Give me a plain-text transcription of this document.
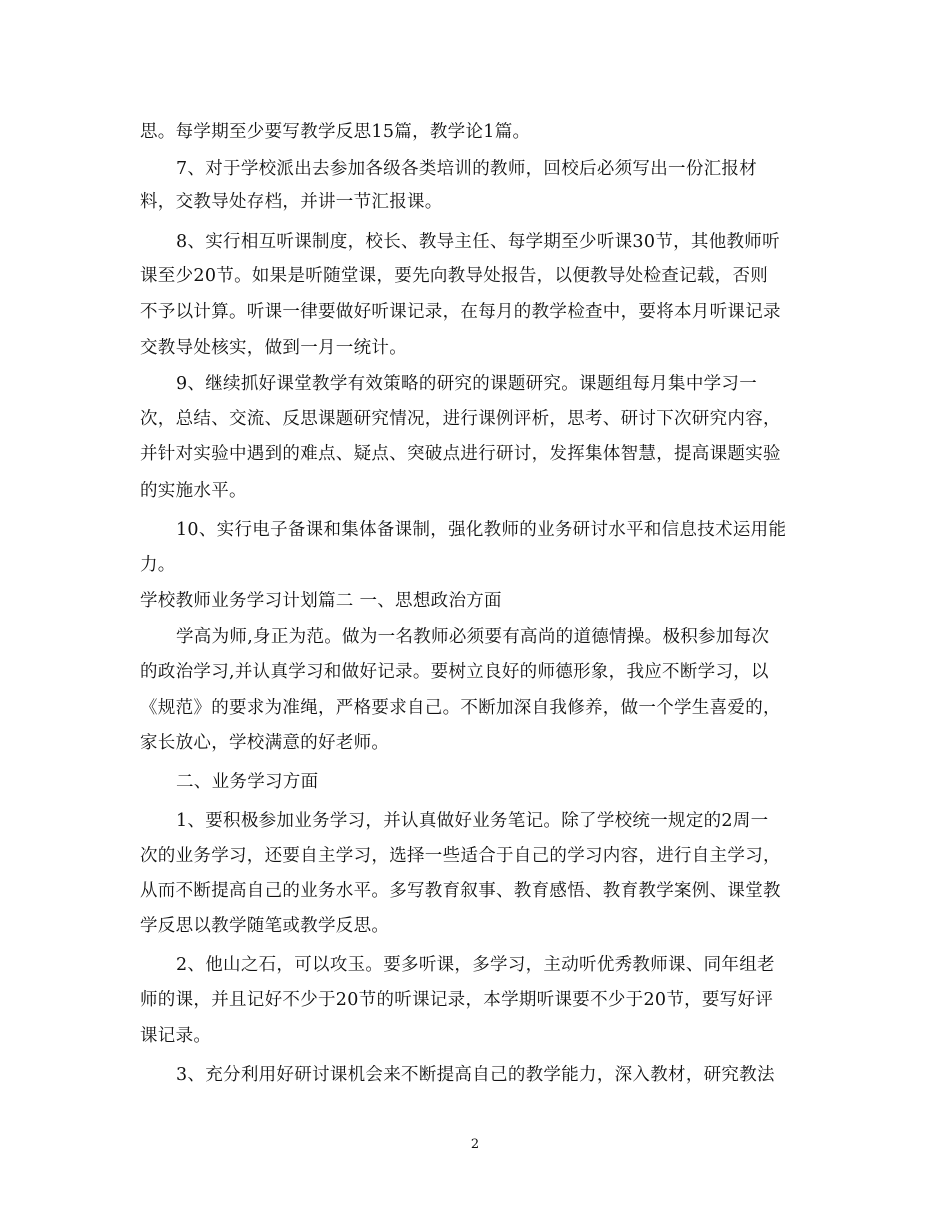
思。每学期至少要写教学反思15篇，教学论1篇。
7、对于学校派出去参加各级各类培训的教师，回校后必须写出一份汇报材
料，交教导处存档，并讲一节汇报课。
8、实行相互听课制度，校长、教导主任、每学期至少听课30节，其他教师听
课至少20节。如果是听随堂课，要先向教导处报告，以便教导处检查记载，否则
不予以计算。听课一律要做好听课记录，在每月的教学检查中，要将本月听课记录
交教导处核实，做到一月一统计。
9、继续抓好课堂教学有效策略的研究的课题研究。课题组每月集中学习一
次，总结、交流、反思课题研究情况，进行课例评析，思考、研讨下次研究内容，
并针对实验中遇到的难点、疑点、突破点进行研讨，发挥集体智慧，提高课题实验
的实施水平。
10、实行电子备课和集体备课制，强化教师的业务研讨水平和信息技术运用能
力。
学校教师业务学习计划篇二 一、思想政治方面
学高为师,身正为范。做为一名教师必须要有高尚的道德情操。极积参加每次
的政治学习,并认真学习和做好记录。要树立良好的师德形象，我应不断学习，以
《规范》的要求为准绳，严格要求自己。不断加深自我修养，做一个学生喜爱的，
家长放心，学校满意的好老师。
二、业务学习方面
1、要积极参加业务学习，并认真做好业务笔记。除了学校统一规定的2周一
次的业务学习，还要自主学习，选择一些适合于自己的学习内容，进行自主学习，
从而不断提高自己的业务水平。多写教育叙事、教育感悟、教育教学案例、课堂教
学反思以教学随笔或教学反思。
2、他山之石，可以攻玉。要多听课，多学习，主动听优秀教师课、同年组老
师的课，并且记好不少于20节的听课记录，本学期听课要不少于20节，要写好评
课记录。
3、充分利用好研讨课机会来不断提高自己的教学能力，深入教材，研究教法
2
